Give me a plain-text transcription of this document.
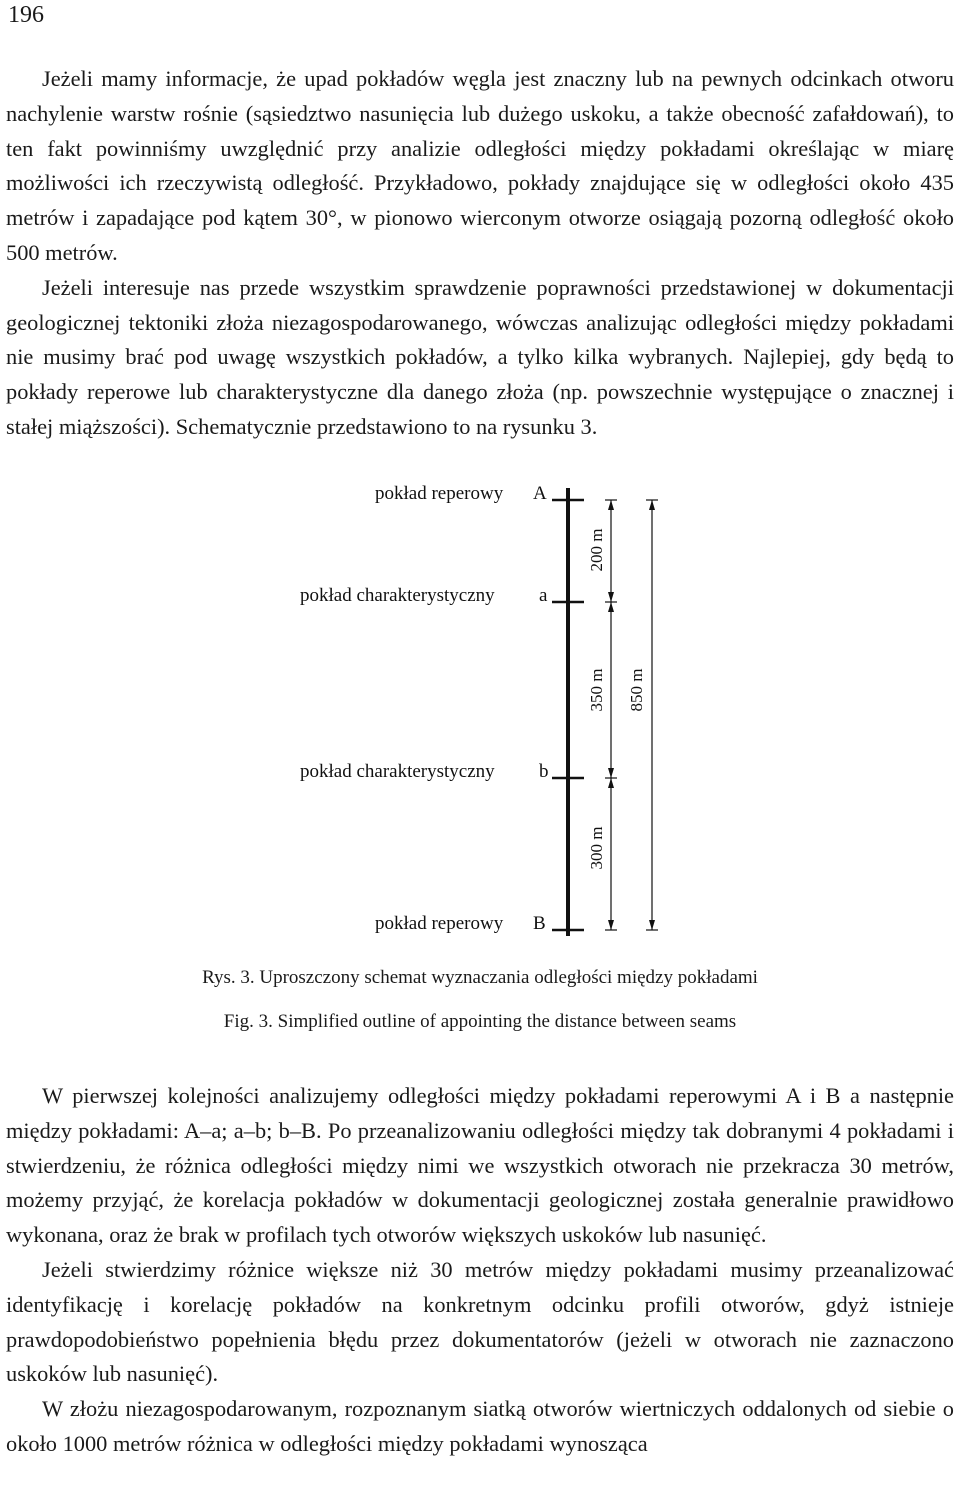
196

Jeżeli mamy informacje, że upad pokładów węgla jest znaczny lub na pewnych odcinkach otworu nachylenie warstw rośnie (sąsiedztwo nasunięcia lub dużego uskoku, a także obecność zafałdowań), to ten fakt powinniśmy uwzględnić przy analizie odległości między pokładami określając w miarę możliwości ich rzeczywistą odległość. Przykładowo, pokłady znajdujące się w odległości około 435 metrów i zapadające pod kątem 30°, w pionowo wierconym otworze osiągają pozorną odległość około 500 metrów.

Jeżeli interesuje nas przede wszystkim sprawdzenie poprawności przedstawionej w dokumentacji geologicznej tektoniki złoża niezagospodarowanego, wówczas analizując odległości między pokładami nie musimy brać pod uwagę wszystkich pokładów, a tylko kilka wybranych. Najlepiej, gdy będą to pokłady reperowe lub charakterystyczne dla danego złoża (np. powszechnie występujące o znacznej i stałej miąższości). Schematycznie przedstawiono to na rysunku 3.

pokład reperowy A
pokład charakterystyczny a
pokład charakterystyczny b
pokład reperowy B
200 m
350 m
300 m
850 m
Rys. 3. Uproszczony schemat wyznaczania odległości między pokładami
Fig. 3. Simplified outline of appointing the distance between seams

W pierwszej kolejności analizujemy odległości między pokładami reperowymi A i B a następnie między pokładami: A–a; a–b; b–B. Po przeanalizowaniu odległości między tak dobranymi 4 pokładami i stwierdzeniu, że różnica odległości między nimi we wszystkich otworach nie przekracza 30 metrów, możemy przyjąć, że korelacja pokładów w dokumentacji geologicznej została generalnie prawidłowo wykonana, oraz że brak w profilach tych otworów większych uskoków lub nasunięć.

Jeżeli stwierdzimy różnice większe niż 30 metrów między pokładami musimy przeanalizować identyfikację i korelację pokładów na konkretnym odcinku profili otworów, gdyż istnieje prawdopodobieństwo popełnienia błędu przez dokumentatorów (jeżeli w otworach nie zaznaczono uskoków lub nasunięć).

W złożu niezagospodarowanym, rozpoznanym siatką otworów wiertniczych oddalonych od siebie o około 1000 metrów różnica w odległości między pokładami wynosząca
